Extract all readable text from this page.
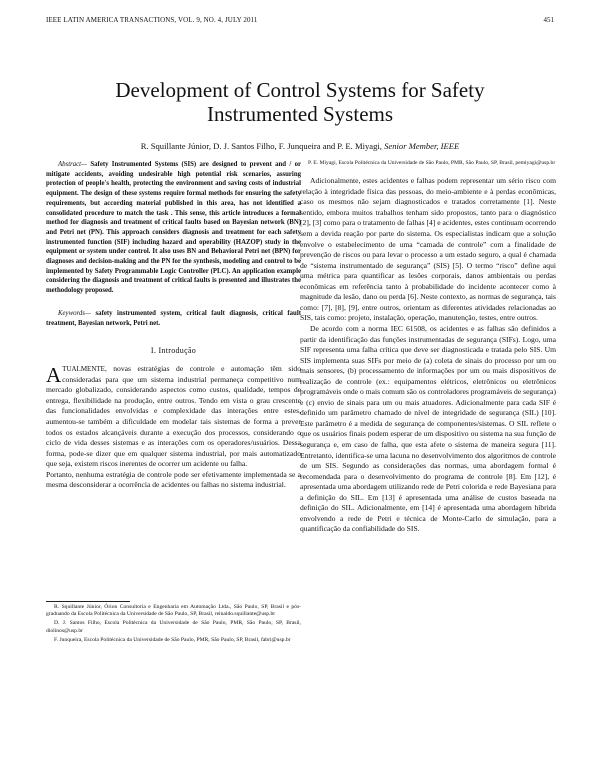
IEEE LATIN AMERICA TRANSACTIONS, VOL. 9, NO. 4, JULY 2011	451
Development of Control Systems for Safety Instrumented Systems
R. Squillante Júnior, D. J. Santos Filho, F. Junqueira and P. E. Miyagi, Senior Member, IEEE

Abstract— Safety Instrumented Systems (SIS) are designed to prevent and / or mitigate accidents, avoiding undesirable high potential risk scenarios, assuring protection of people's health, protecting the environment and saving costs of industrial equipment. The design of these systems require formal methods for ensuring the safety requirements, but according material published in this area, has not identified a consolidated procedure to match the task . This sense, this article introduces a formal method for diagnosis and treatment of critical faults based on Bayesian network (BN) and Petri net (PN). This approach considers diagnosis and treatment for each safety instrumented function (SIF) including hazard and operability (HAZOP) study in the equipment or system under control. It also uses BN and Behavioral Petri net (BPN) for diagnoses and decision-making and the PN for the synthesis, modeling and control to be implemented by Safety Programmable Logic Controller (PLC). An application example considering the diagnosis and treatment of critical faults is presented and illustrates the methodology proposed.

Keywords— safety instrumented system, critical fault diagnosis, critical fault treatment, Bayesian network, Petri net.

I. Introdução

ATUALMENTE, novas estratégias de controle e automação têm sido consideradas para que um sistema industrial permaneça competitivo num mercado globalizado, considerando aspectos como custos, qualidade, tempos de entrega, flexibilidade na produção, entre outros. Tendo em vista o grau crescente das funcionalidades envolvidas e complexidade das interações entre estes, aumentou-se também a dificuldade em modelar tais sistemas de forma a prever todos os estados alcançáveis durante a execução dos processos, considerando o ciclo de vida desses sistemas e as interações com os operadores/usuários. Dessa forma, pode-se dizer que em qualquer sistema industrial, por mais automatizado que seja, existem riscos inerentes de ocorrer um acidente ou falha.

Portanto, nenhuma estratégia de controle pode ser efetivamente implementada se a mesma desconsiderar a ocorrência de acidentes ou falhas no sistema industrial.

R. Squillante Júnior, Órion Consultoria e Engenharia em Automação Ltda., São Paulo, SP, Brasil e pós-graduando da Escola Politécnica da Universidade de São Paulo, SP, Brasil, reinaldo.squillante@usp.br

D. J. Santos Filho, Escola Politécnica da Universidade de São Paulo, PMR, São Paulo, SP, Brasil, diolinos@usp.br

F. Junqueira, Escola Politécnica da Universidade de São Paulo, PMR, São Paulo, SP, Brasil, fabri@usp.br

P. E. Miyagi, Escola Politécnica da Universidade de São Paulo, PMR, São Paulo, SP, Brasil, pemiyagi@usp.br

Adicionalmente, estes acidentes e falhas podem representar um sério risco com relação à integridade física das pessoas, do meio-ambiente e à perdas econômicas, caso os mesmos não sejam diagnosticados e tratados corretamente [1]. Neste sentido, embora muitos trabalhos tenham sido propostos, tanto para o diagnóstico [2], [3] como para o tratamento de falhas [4] e acidentes, estes continuam ocorrendo sem a devida reação por parte do sistema. Os especialistas indicam que a solução envolve o estabelecimento de uma “camada de controle” com a finalidade de prevenção de riscos ou para levar o processo a um estado seguro, a qual é chamada de “sistema instrumentado de segurança” (SIS) [5]. O termo “risco” define aqui uma métrica para quantificar as lesões corporais, danos ambientais ou perdas econômicas em referência tanto à probabilidade do incidente acontecer como à magnitude da lesão, dano ou perda [6]. Neste contexto, as normas de segurança, tais como: [7], [8], [9], entre outros, orientam as diferentes atividades relacionadas ao SIS, tais como: projeto, instalação, operação, manutenção, testes, entre outros.

De acordo com a norma IEC 61508, os acidentes e as falhas são definidos a partir da identificação das funções instrumentadas de segurança (SIFs). Logo, uma SIF representa uma falha crítica que deve ser diagnosticada e tratada pelo SIS. Um SIS implementa suas SIFs por meio de (a) coleta de sinais do processo por um ou mais sensores, (b) processamento de informações por um ou mais dispositivos de realização de controle (ex.: equipamentos elétricos, eletrônicos ou eletrônicos programáveis onde o mais comum são os controladores programáveis de segurança) e (c) envio de sinais para um ou mais atuadores. Adicionalmente para cada SIF é definido um parâmetro chamado de nível de integridade de segurança (SIL) [10]. Este parâmetro é a medida de segurança de componentes/sistemas. O SIL reflete o que os usuários finais podem esperar de um dispositivo ou sistema na sua função de segurança e, em caso de falha, que esta afete o sistema de maneira segura [11]. Entretanto, identifica-se uma lacuna no desenvolvimento dos algoritmos de controle de um SIS. Segundo as considerações das normas, uma abordagem formal é recomendada para o desenvolvimento do programa de controle [8]. Em [12], é apresentada uma abordagem utilizando rede de Petri colorida e rede Bayesiana para a definição do SIL. Em [13] é apresentada uma análise de custos baseada na definição do SIL. Adicionalmente, em [14] é apresentada uma abordagem híbrida envolvendo a rede de Petri e técnica de Monte-Carlo de simulação, para a quantificação da confiabilidade do SIS.
